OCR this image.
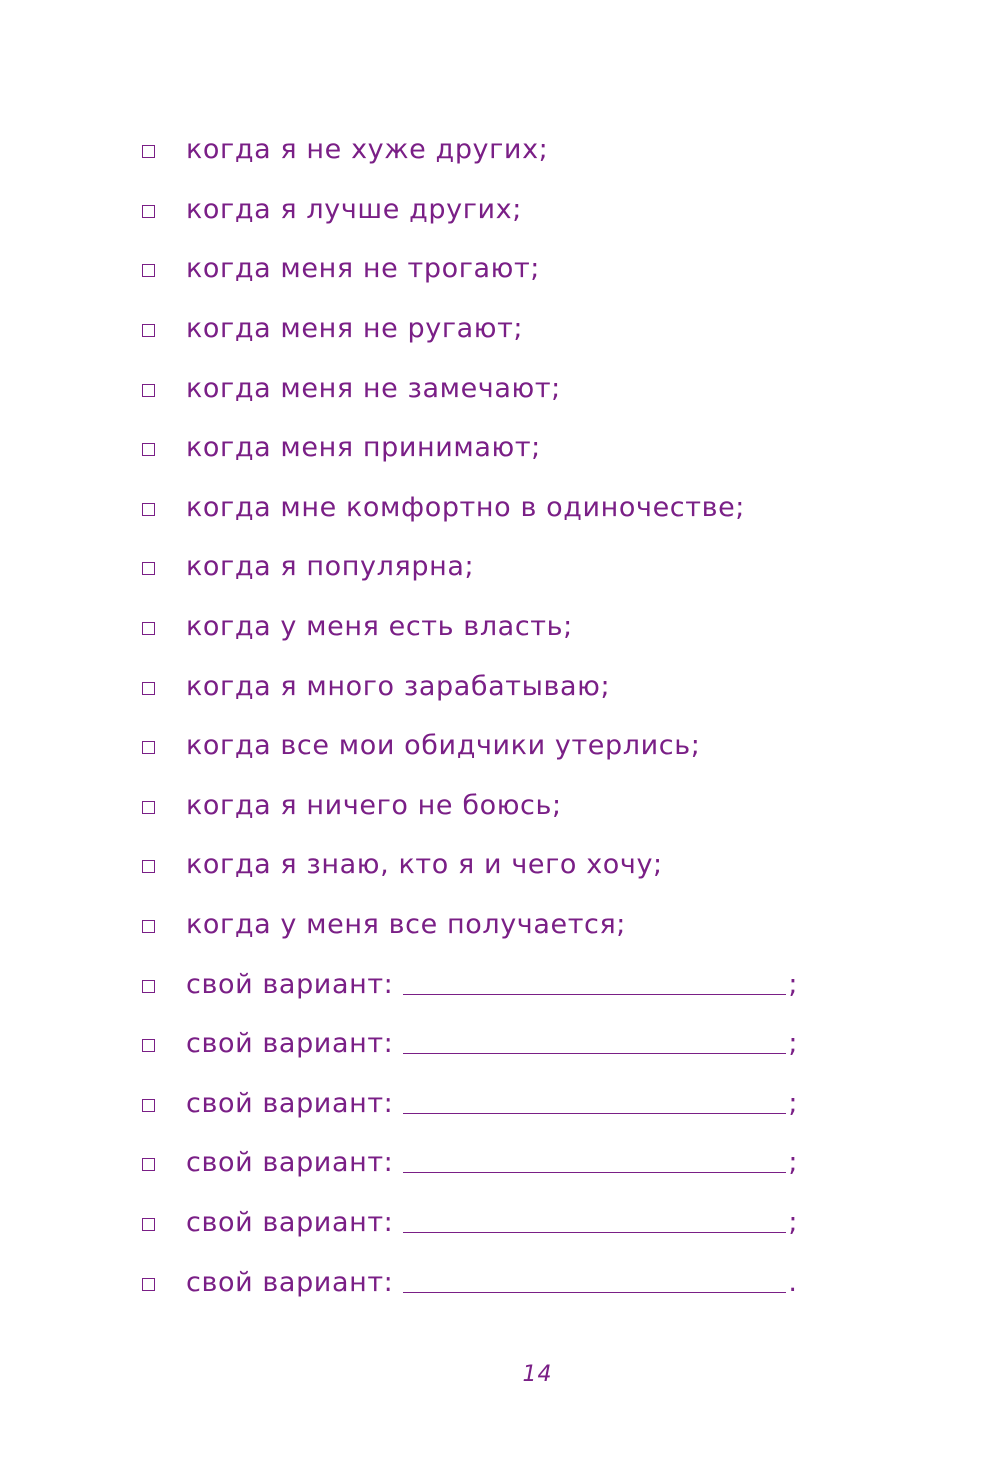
когда я не хуже других;
когда я лучше других;
когда меня не трогают;
когда меня не ругают;
когда меня не замечают;
когда меня принимают;
когда мне комфортно в одиночестве;
когда я популярна;
когда у меня есть власть;
когда я много зарабатываю;
когда все мои обидчики утерлись;
когда я ничего не боюсь;
когда я знаю, кто я и чего хочу;
когда у меня все получается;
свой вариант:	;
свой вариант:	;
свой вариант:	;
свой вариант:	;
свой вариант:	;
свой вариант:	.
14
